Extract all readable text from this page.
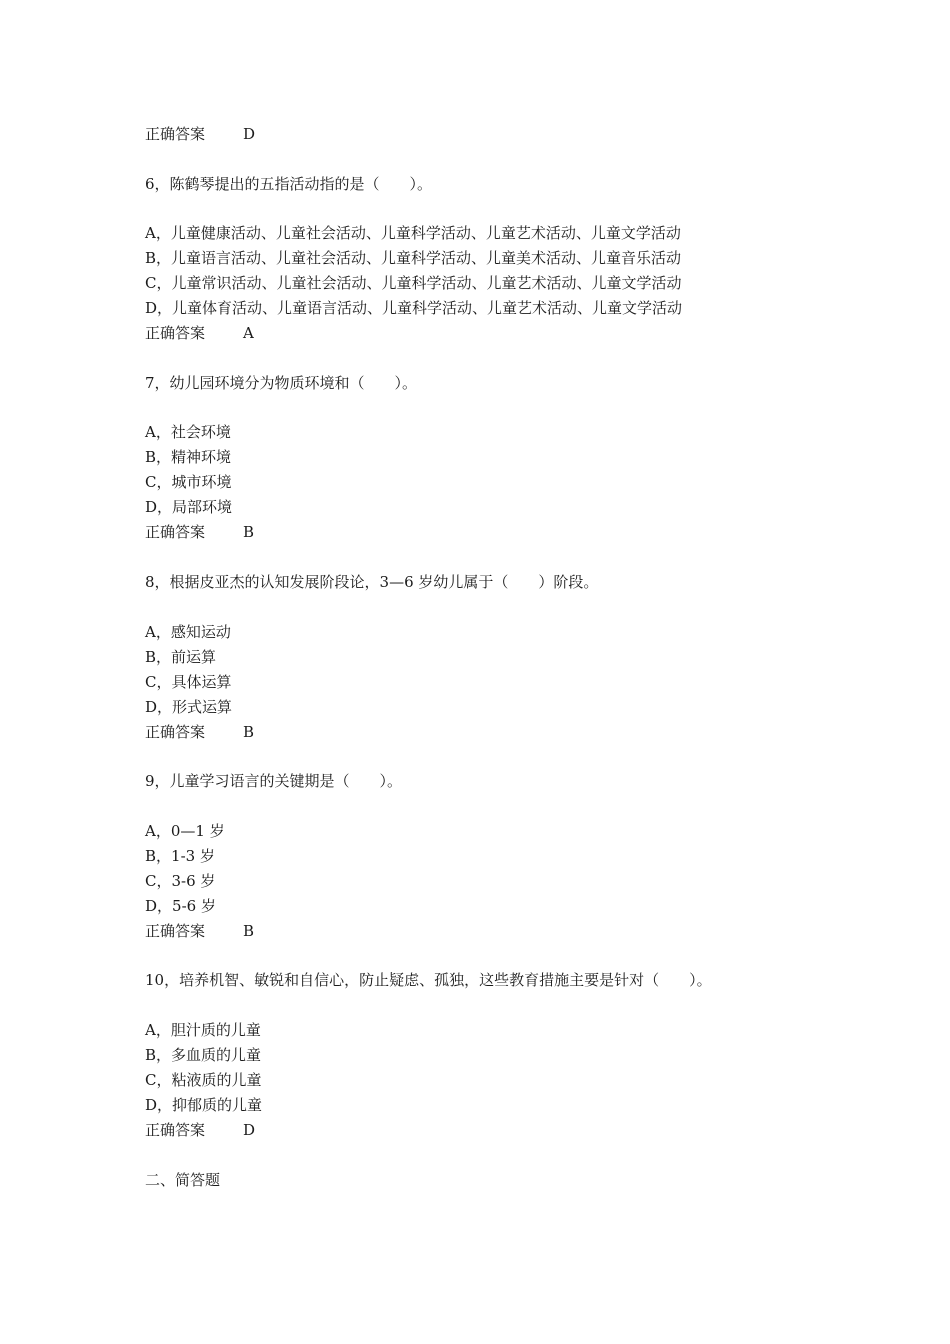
正确答案	D
6，陈鹤琴提出的五指活动指的是（　　）。
A，儿童健康活动、儿童社会活动、儿童科学活动、儿童艺术活动、儿童文学活动
B，儿童语言活动、儿童社会活动、儿童科学活动、儿童美术活动、儿童音乐活动
C，儿童常识活动、儿童社会活动、儿童科学活动、儿童艺术活动、儿童文学活动
D，儿童体育活动、儿童语言活动、儿童科学活动、儿童艺术活动、儿童文学活动
正确答案	A
7，幼儿园环境分为物质环境和（　　）。
A，社会环境
B，精神环境
C，城市环境
D，局部环境
正确答案	B
8，根据皮亚杰的认知发展阶段论，3—6 岁幼儿属于（　　）阶段。
A，感知运动
B，前运算
C，具体运算
D，形式运算
正确答案	B
9，儿童学习语言的关键期是（　　）。
A，0—1 岁
B，1-3 岁
C，3-6 岁
D，5-6 岁
正确答案	B
10，培养机智、敏锐和自信心，防止疑虑、孤独，这些教育措施主要是针对（　　）。
A，胆汁质的儿童
B，多血质的儿童
C，粘液质的儿童
D，抑郁质的儿童
正确答案	D
二、简答题
